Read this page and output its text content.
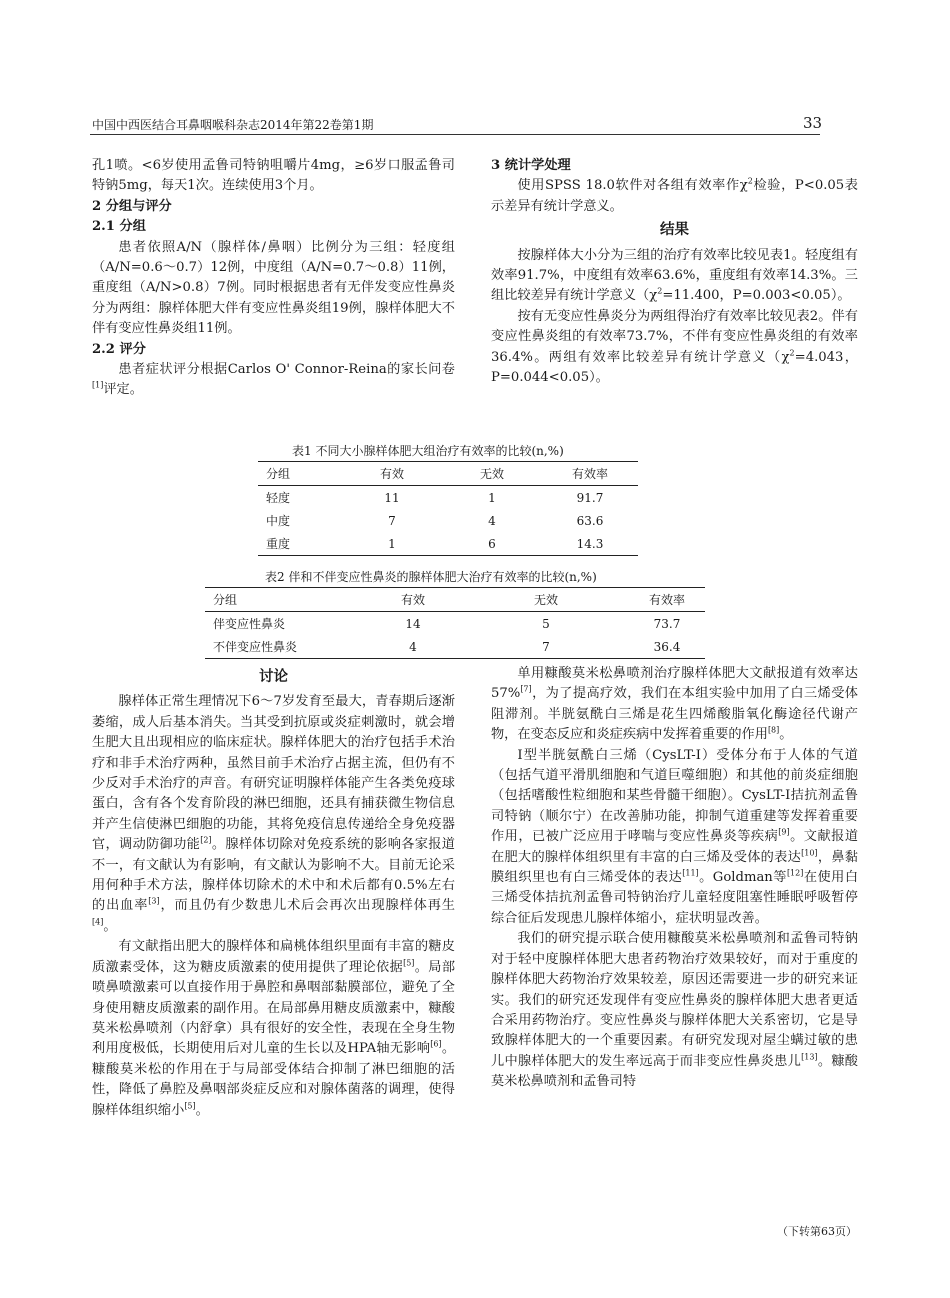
中国中西医结合耳鼻咽喉科杂志2014年第22卷第1期	33

孔1喷。<6岁使用孟鲁司特钠咀嚼片4mg，≥6岁口服孟鲁司特钠5mg，每天1次。连续使用3个月。

2 分组与评分

2.1 分组

患者依照A/N（腺样体/鼻咽）比例分为三组：轻度组（A/N=0.6～0.7）12例，中度组（A/N=0.7～0.8）11例，重度组（A/N>0.8）7例。同时根据患者有无伴发变应性鼻炎分为两组：腺样体肥大伴有变应性鼻炎组19例，腺样体肥大不伴有变应性鼻炎组11例。

2.2 评分

患者症状评分根据Carlos O' Connor-Reina的家长问卷[1]评定。

3 统计学处理

使用SPSS 18.0软件对各组有效率作$\chi^2$检验，P<0.05表示差异有统计学意义。

结果

按腺样体大小分为三组的治疗有效率比较见表1。轻度组有效率91.7%，中度组有效率63.6%，重度组有效率14.3%。三组比较差异有统计学意义（$\chi^2=11.400$，P=0.003<0.05）。

按有无变应性鼻炎分为两组得治疗有效率比较见表2。伴有变应性鼻炎组的有效率73.7%，不伴有变应性鼻炎组的有效率36.4%。两组有效率比较差异有统计学意义（$\chi^2=4.043$，P=0.044<0.05）。

表1 不同大小腺样体肥大组治疗有效率的比较(n,%)
分组	有效	无效	有效率
轻度	11	1	91.7
中度	7	4	63.6
重度	1	6	14.3
表2 伴和不伴变应性鼻炎的腺样体肥大治疗有效率的比较(n,%)
分组	有效	无效	有效率
伴变应性鼻炎	14	5	73.7
不伴变应性鼻炎	4	7	36.4

讨论

腺样体正常生理情况下6～7岁发育至最大，青春期后逐渐萎缩，成人后基本消失。当其受到抗原或炎症刺激时，就会增生肥大且出现相应的临床症状。腺样体肥大的治疗包括手术治疗和非手术治疗两种，虽然目前手术治疗占据主流，但仍有不少反对手术治疗的声音。有研究证明腺样体能产生各类免疫球蛋白，含有各个发育阶段的淋巴细胞，还具有捕获微生物信息并产生信使淋巴细胞的功能，其将免疫信息传递给全身免疫器官，调动防御功能[2]。腺样体切除对免疫系统的影响各家报道不一，有文献认为有影响，有文献认为影响不大。目前无论采用何种手术方法，腺样体切除术的术中和术后都有0.5%左右的出血率[3]，而且仍有少数患儿术后会再次出现腺样体再生[4]。

有文献指出肥大的腺样体和扁桃体组织里面有丰富的糖皮质激素受体，这为糖皮质激素的使用提供了理论依据[5]。局部喷鼻喷激素可以直接作用于鼻腔和鼻咽部黏膜部位，避免了全身使用糖皮质激素的副作用。在局部鼻用糖皮质激素中，糠酸莫米松鼻喷剂（内舒拿）具有很好的安全性，表现在全身生物利用度极低，长期使用后对儿童的生长以及HPA轴无影响[6]。糠酸莫米松的作用在于与局部受体结合抑制了淋巴细胞的活性，降低了鼻腔及鼻咽部炎症反应和对腺体菌落的调理，使得腺样体组织缩小[5]。

单用糠酸莫米松鼻喷剂治疗腺样体肥大文献报道有效率达57%[7]，为了提高疗效，我们在本组实验中加用了白三烯受体阻滞剂。半胱氨酰白三烯是花生四烯酸脂氧化酶途径代谢产物，在变态反应和炎症疾病中发挥着重要的作用[8]。

I型半胱氨酰白三烯（CysLT-I）受体分布于人体的气道（包括气道平滑肌细胞和气道巨噬细胞）和其他的前炎症细胞（包括嗜酸性粒细胞和某些骨髓干细胞）。CysLT-I拮抗剂孟鲁司特钠（顺尔宁）在改善肺功能，抑制气道重建等发挥着重要作用，已被广泛应用于哮喘与变应性鼻炎等疾病[9]。文献报道在肥大的腺样体组织里有丰富的白三烯及受体的表达[10]，鼻黏膜组织里也有白三烯受体的表达[11]。Goldman等[12]在使用白三烯受体拮抗剂孟鲁司特钠治疗儿童轻度阻塞性睡眠呼吸暂停综合征后发现患儿腺样体缩小，症状明显改善。

我们的研究提示联合使用糠酸莫米松鼻喷剂和孟鲁司特钠对于轻中度腺样体肥大患者药物治疗效果较好，而对于重度的腺样体肥大药物治疗效果较差，原因还需要进一步的研究来证实。我们的研究还发现伴有变应性鼻炎的腺样体肥大患者更适合采用药物治疗。变应性鼻炎与腺样体肥大关系密切，它是导致腺样体肥大的一个重要因素。有研究发现对屋尘螨过敏的患儿中腺样体肥大的发生率远高于而非变应性鼻炎患儿[13]。糠酸莫米松鼻喷剂和孟鲁司特

（下转第63页）
